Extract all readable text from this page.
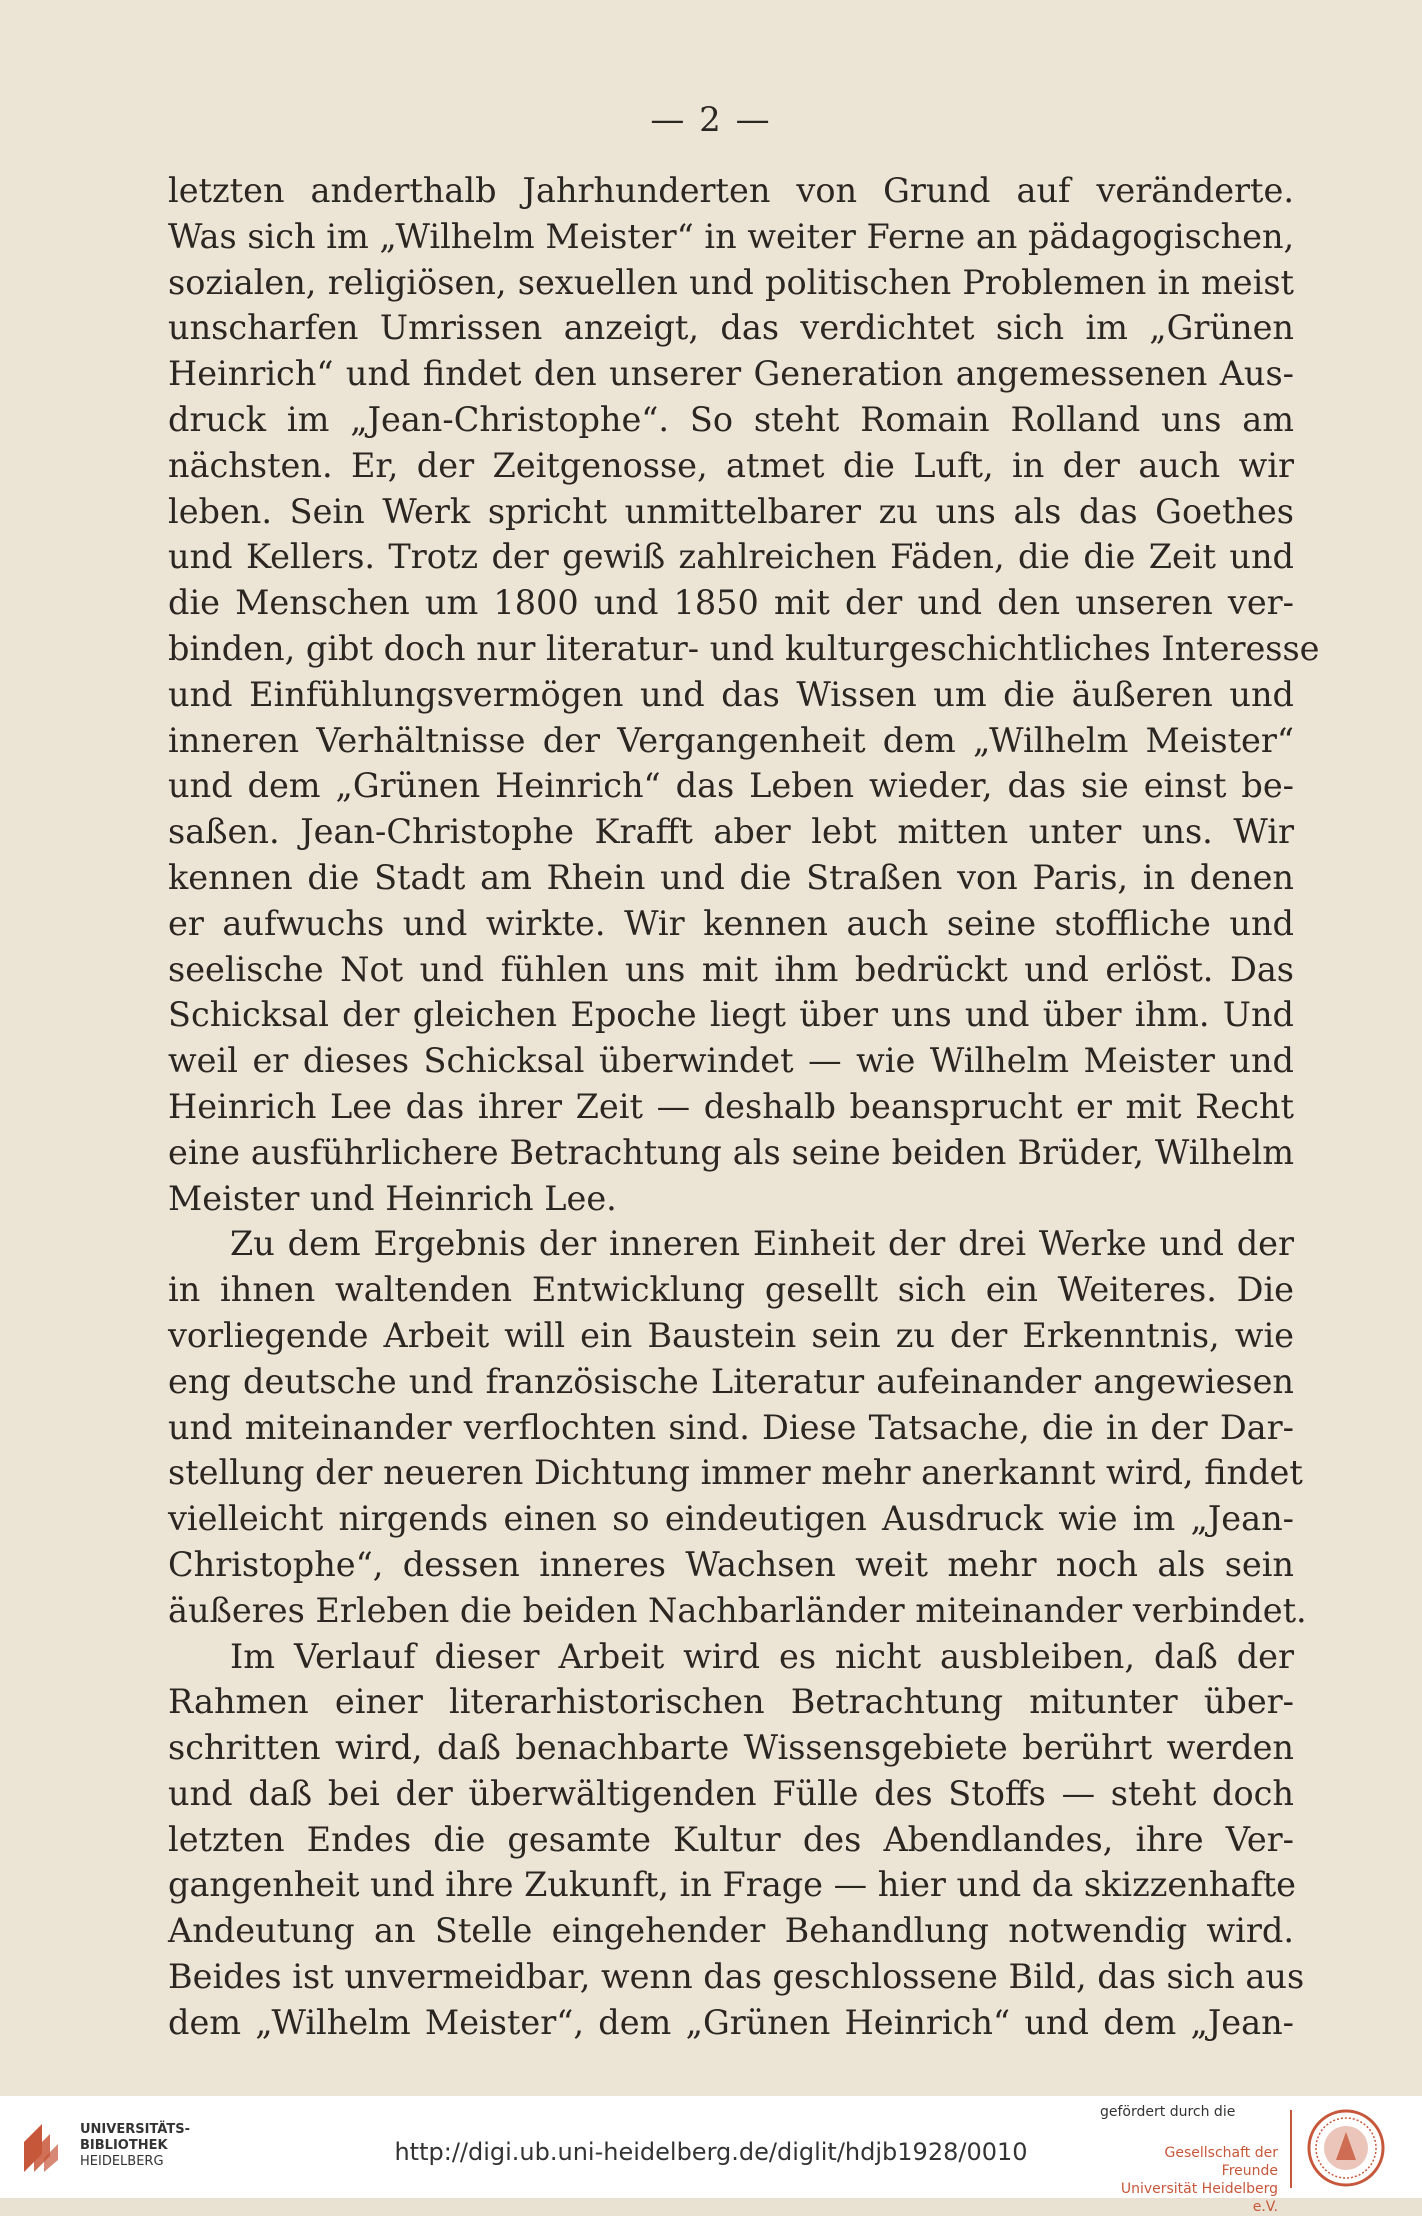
— 2 —
letzten anderthalb Jahrhunderten von Grund auf veränderte.
Was sich im „Wilhelm Meister“ in weiter Ferne an pädagogischen,
sozialen, religiösen, sexuellen und politischen Problemen in meist
unscharfen Umrissen anzeigt, das verdichtet sich im „Grünen
Heinrich“ und findet den unserer Generation angemessenen Aus-
druck im „Jean-Christophe“. So steht Romain Rolland uns am
nächsten. Er, der Zeitgenosse, atmet die Luft, in der auch wir
leben. Sein Werk spricht unmittelbarer zu uns als das Goethes
und Kellers. Trotz der gewiß zahlreichen Fäden, die die Zeit und
die Menschen um 1800 und 1850 mit der und den unseren ver-
binden, gibt doch nur literatur- und kulturgeschichtliches Interesse
und Einfühlungsvermögen und das Wissen um die äußeren und
inneren Verhältnisse der Vergangenheit dem „Wilhelm Meister“
und dem „Grünen Heinrich“ das Leben wieder, das sie einst be-
saßen. Jean-Christophe Krafft aber lebt mitten unter uns. Wir
kennen die Stadt am Rhein und die Straßen von Paris, in denen
er aufwuchs und wirkte. Wir kennen auch seine stoffliche und
seelische Not und fühlen uns mit ihm bedrückt und erlöst. Das
Schicksal der gleichen Epoche liegt über uns und über ihm. Und
weil er dieses Schicksal überwindet — wie Wilhelm Meister und
Heinrich Lee das ihrer Zeit — deshalb beansprucht er mit Recht
eine ausführlichere Betrachtung als seine beiden Brüder, Wilhelm
Meister und Heinrich Lee.
Zu dem Ergebnis der inneren Einheit der drei Werke und der
in ihnen waltenden Entwicklung gesellt sich ein Weiteres. Die
vorliegende Arbeit will ein Baustein sein zu der Erkenntnis, wie
eng deutsche und französische Literatur aufeinander angewiesen
und miteinander verflochten sind. Diese Tatsache, die in der Dar-
stellung der neueren Dichtung immer mehr anerkannt wird, findet
vielleicht nirgends einen so eindeutigen Ausdruck wie im „Jean-
Christophe“, dessen inneres Wachsen weit mehr noch als sein
äußeres Erleben die beiden Nachbarländer miteinander verbindet.
Im Verlauf dieser Arbeit wird es nicht ausbleiben, daß der
Rahmen einer literarhistorischen Betrachtung mitunter über-
schritten wird, daß benachbarte Wissensgebiete berührt werden
und daß bei der überwältigenden Fülle des Stoffs — steht doch
letzten Endes die gesamte Kultur des Abendlandes, ihre Ver-
gangenheit und ihre Zukunft, in Frage — hier und da skizzenhafte
Andeutung an Stelle eingehender Behandlung notwendig wird.
Beides ist unvermeidbar, wenn das geschlossene Bild, das sich aus
dem „Wilhelm Meister“, dem „Grünen Heinrich“ und dem „Jean-
UNIVERSITÄTS-
BIBLIOTHEK
HEIDELBERG	http://digi.ub.uni-heidelberg.de/diglit/hdjb1928/0010
gefördert durch die
Gesellschaft der Freunde
Universität Heidelberg e.V.
